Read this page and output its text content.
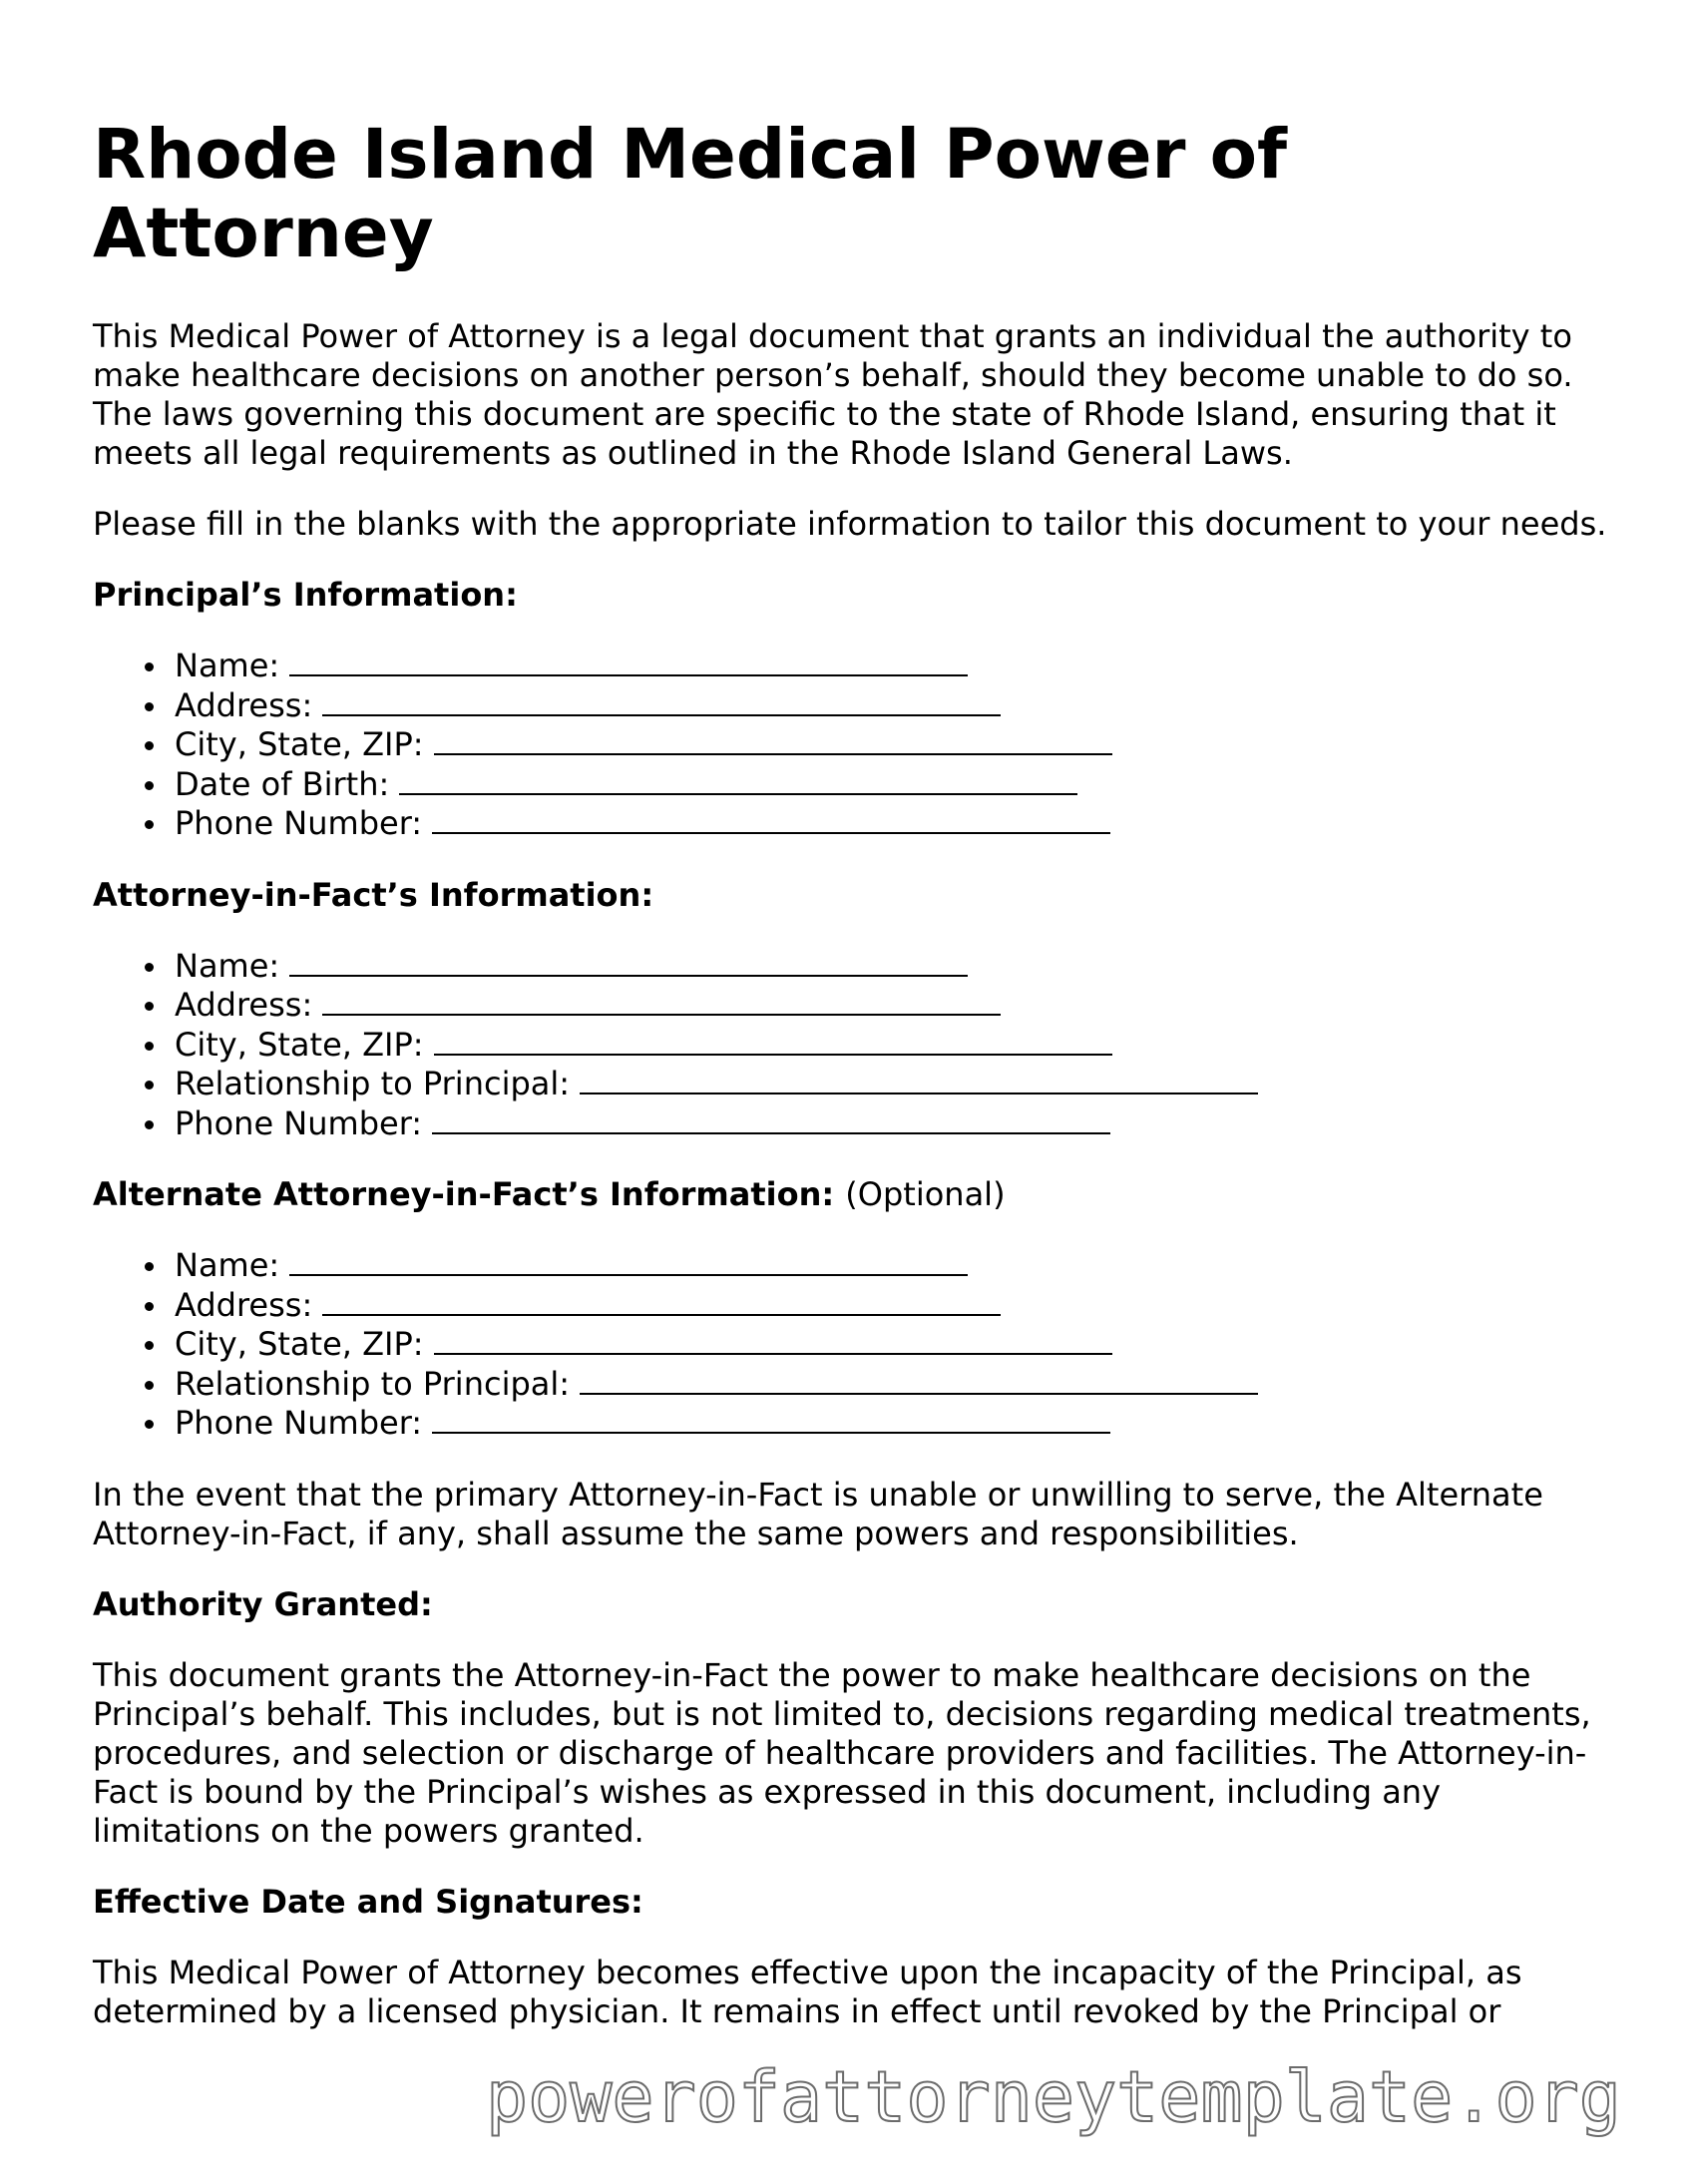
Rhode Island Medical Power of Attorney

This Medical Power of Attorney is a legal document that grants an individual the authority to make healthcare decisions on another person’s behalf, should they become unable to do so. The laws governing this document are specific to the state of Rhode Island, ensuring that it meets all legal requirements as outlined in the Rhode Island General Laws.

Please fill in the blanks with the appropriate information to tailor this document to your needs.

Principal’s Information:
Name:
Address:
City, State, ZIP:
Date of Birth:
Phone Number:
Attorney-in-Fact’s Information:
Name:
Address:
City, State, ZIP:
Relationship to Principal:
Phone Number:
Alternate Attorney-in-Fact’s Information: (Optional)
Name:
Address:
City, State, ZIP:
Relationship to Principal:
Phone Number:

In the event that the primary Attorney-in-Fact is unable or unwilling to serve, the Alternate Attorney-in-Fact, if any, shall assume the same powers and responsibilities.

Authority Granted:

This document grants the Attorney-in-Fact the power to make healthcare decisions on the Principal’s behalf. This includes, but is not limited to, decisions regarding medical treatments, procedures, and selection or discharge of healthcare providers and facilities. The Attorney-in-Fact is bound by the Principal’s wishes as expressed in this document, including any limitations on the powers granted.

Effective Date and Signatures:

This Medical Power of Attorney becomes effective upon the incapacity of the Principal, as determined by a licensed physician. It remains in effect until revoked by the Principal or

powerofattorneytemplate.org
